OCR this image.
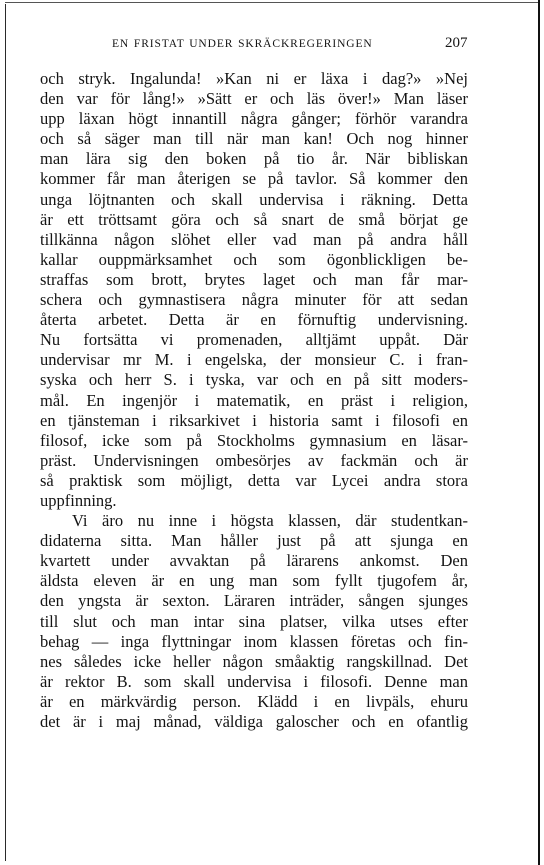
EN FRISTAT UNDER SKRÄCKREGERINGEN	207
och stryk. Ingalunda! »Kan ni er läxa i dag?» »Nej
den var för lång!» »Sätt er och läs över!» Man läser
upp läxan högt innantill några gånger; förhör varandra
och så säger man till när man kan! Och nog hinner
man lära sig den boken på tio år. När bibliskan
kommer får man återigen se på tavlor. Så kommer den
unga löjtnanten och skall undervisa i räkning. Detta
är ett tröttsamt göra och så snart de små börjat ge
tillkänna någon slöhet eller vad man på andra håll
kallar ouppmärksamhet och som ögonblickligen be-
straffas som brott, brytes laget och man får mar-
schera och gymnastisera några minuter för att sedan
återta arbetet. Detta är en förnuftig undervisning.
Nu fortsätta vi promenaden, alltjämt uppåt. Där
undervisar mr M. i engelska, der monsieur C. i fran-
syska och herr S. i tyska, var och en på sitt moders-
mål. En ingenjör i matematik, en präst i religion,
en tjänsteman i riksarkivet i historia samt i filosofi en
filosof, icke som på Stockholms gymnasium en läsar-
präst. Undervisningen ombesörjes av fackmän och är
så praktisk som möjligt, detta var Lycei andra stora
uppfinning.
Vi äro nu inne i högsta klassen, där studentkan-
didaterna sitta. Man håller just på att sjunga en
kvartett under avvaktan på lärarens ankomst. Den
äldsta eleven är en ung man som fyllt tjugofem år,
den yngsta är sexton. Läraren inträder, sången sjunges
till slut och man intar sina platser, vilka utses efter
behag — inga flyttningar inom klassen företas och fin-
nes således icke heller någon småaktig rangskillnad. Det
är rektor B. som skall undervisa i filosofi. Denne man
är en märkvärdig person. Klädd i en livpäls, ehuru
det är i maj månad, väldiga galoscher och en ofantlig
